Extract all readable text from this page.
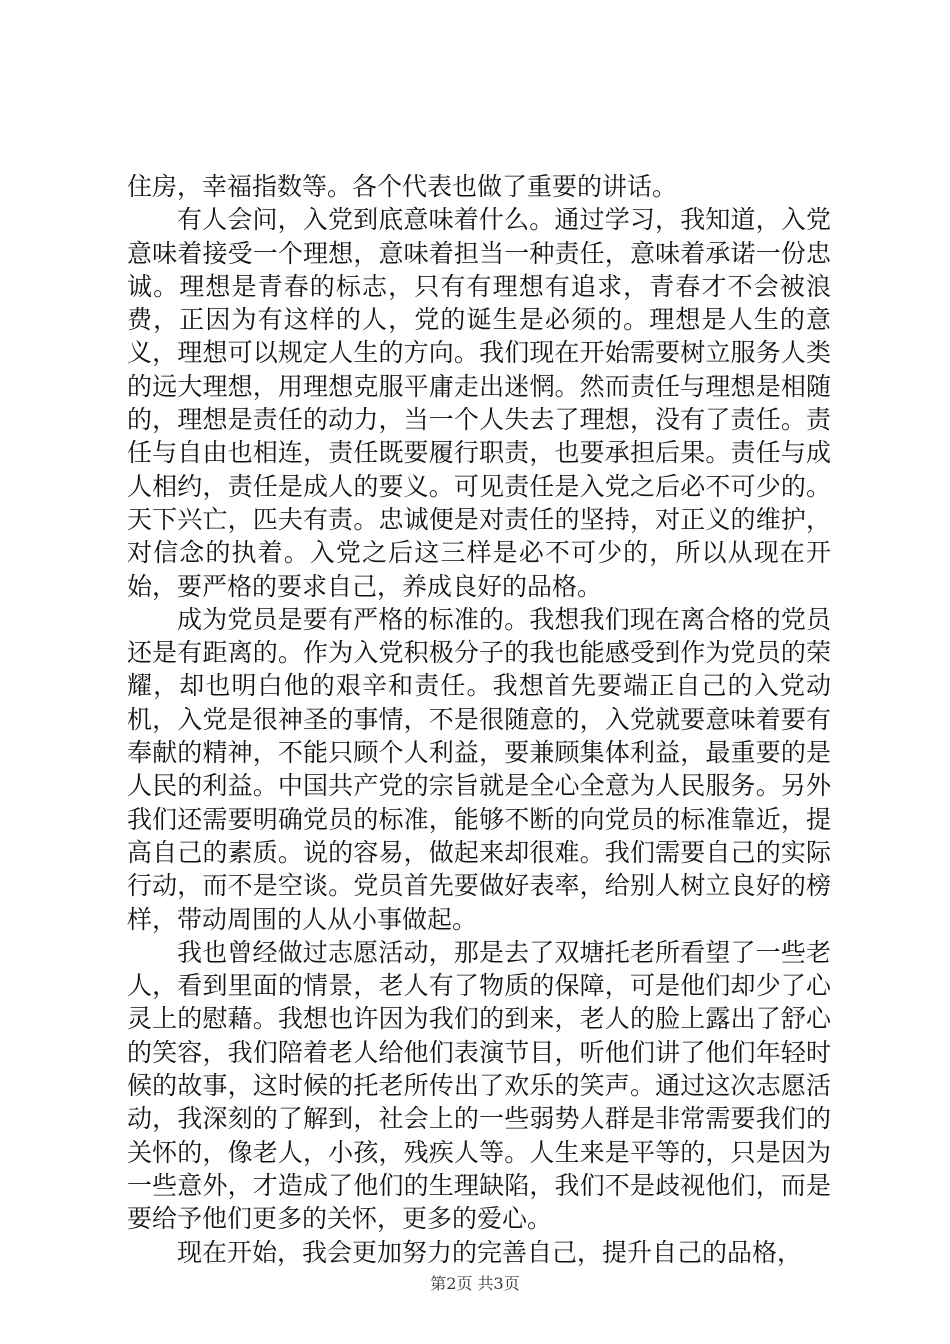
住房，幸福指数等。各个代表也做了重要的讲话。

有人会问，入党到底意味着什么。通过学习，我知道，入党意味着接受一个理想，意味着担当一种责任，意味着承诺一份忠诚。理想是青春的标志，只有有理想有追求，青春才不会被浪费，正因为有这样的人，党的诞生是必须的。理想是人生的意义，理想可以规定人生的方向。我们现在开始需要树立服务人类的远大理想，用理想克服平庸走出迷惘。然而责任与理想是相随的，理想是责任的动力，当一个人失去了理想，没有了责任。责任与自由也相连，责任既要履行职责，也要承担后果。责任与成人相约，责任是成人的要义。可见责任是入党之后必不可少的。天下兴亡，匹夫有责。忠诚便是对责任的坚持，对正义的维护，对信念的执着。入党之后这三样是必不可少的，所以从现在开始，要严格的要求自己，养成良好的品格。

成为党员是要有严格的标准的。我想我们现在离合格的党员还是有距离的。作为入党积极分子的我也能感受到作为党员的荣耀，却也明白他的艰辛和责任。我想首先要端正自己的入党动机，入党是很神圣的事情，不是很随意的，入党就要意味着要有奉献的精神，不能只顾个人利益，要兼顾集体利益，最重要的是人民的利益。中国共产党的宗旨就是全心全意为人民服务。另外我们还需要明确党员的标准，能够不断的向党员的标准靠近，提高自己的素质。说的容易，做起来却很难。我们需要自己的实际行动，而不是空谈。党员首先要做好表率，给别人树立良好的榜样，带动周围的人从小事做起。

我也曾经做过志愿活动，那是去了双塘托老所看望了一些老人，看到里面的情景，老人有了物质的保障，可是他们却少了心灵上的慰藉。我想也许因为我们的到来，老人的脸上露出了舒心的笑容，我们陪着老人给他们表演节目，听他们讲了他们年轻时候的故事，这时候的托老所传出了欢乐的笑声。通过这次志愿活动，我深刻的了解到，社会上的一些弱势人群是非常需要我们的关怀的，像老人，小孩，残疾人等。人生来是平等的，只是因为一些意外，才造成了他们的生理缺陷，我们不是歧视他们，而是要给予他们更多的关怀，更多的爱心。

现在开始，我会更加努力的完善自己，提升自己的品格，

第2页 共3页
